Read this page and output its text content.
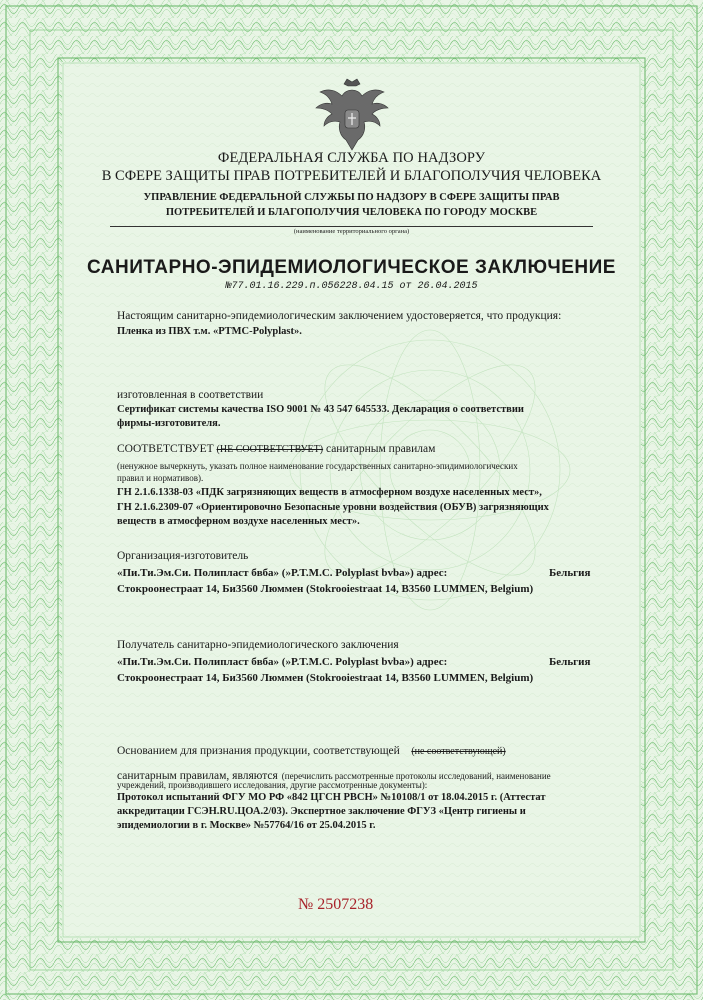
ФЕДЕРАЛЬНАЯ СЛУЖБА ПО НАДЗОРУ
В СФЕРЕ ЗАЩИТЫ ПРАВ ПОТРЕБИТЕЛЕЙ И БЛАГОПОЛУЧИЯ ЧЕЛОВЕКА
УПРАВЛЕНИЕ ФЕДЕРАЛЬНОЙ СЛУЖБЫ ПО НАДЗОРУ В СФЕРЕ ЗАЩИТЫ ПРАВ
ПОТРЕБИТЕЛЕЙ И БЛАГОПОЛУЧИЯ ЧЕЛОВЕКА ПО ГОРОДУ МОСКВЕ
(наименование территориального органа)
САНИТАРНО-ЭПИДЕМИОЛОГИЧЕСКОЕ ЗАКЛЮЧЕНИЕ
№77.01.16.229.п.056228.04.15 от 26.04.2015
Настоящим санитарно-эпидемиологическим заключением удостоверяется, что продукция:
Пленка из ПВХ т.м. «PTMC-Polyplast».
изготовленная в соответствии
Сертификат системы качества ISO 9001 № 43 547 645533. Декларация о соответствии
фирмы-изготовителя.
СООТВЕТСТВУЕТ (НЕ СООТВЕТСТВУЕТ) санитарным правилам
(ненужное вычеркнуть, указать полное наименование государственных санитарно-эпидимиологических
правил и нормативов).
ГН 2.1.6.1338-03 «ПДК загрязняющих веществ в атмосферном воздухе населенных мест»,
ГН 2.1.6.2309-07 «Ориентировочно Безопасные уровни воздействия (ОБУВ) загрязняющих
веществ в атмосферном воздухе населенных мест».
Организация-изготовитель
«Пи.Ти.Эм.Си. Полиплаcт бвба» (»P.T.M.C. Polyplast bvba») адрес:	Бельгия
Стокроонестраат 14, Би3560 Люммен (Stokrooiestraat 14, B3560 LUMMEN, Belgium)
Получатель санитарно-эпидемиологического заключения
«Пи.Ти.Эм.Си. Полиплаcт бвба» (»P.T.M.C. Polyplast bvba») адрес:	Бельгия
Стокроонестраат 14, Би3560 Люммен (Stokrooiestraat 14, B3560 LUMMEN, Belgium)
Основанием для признания продукции, соответствующей (не соответствующей)
санитарным правилам, являются (перечислить рассмотренные протоколы исследований, наименование
учреждений, производившего исследования, другие рассмотренные документы):
Протокол испытаний ФГУ МО РФ «842 ЦГСН РВСН» №10108/1 от 18.04.2015 г. (Аттестат
аккредитации ГСЭН.RU.ЦОА.2/03). Экспертное заключение ФГУЗ «Центр гигиены и
эпидемиологии в г. Москве» №57764/16 от 25.04.2015 г.
№ 2507238
